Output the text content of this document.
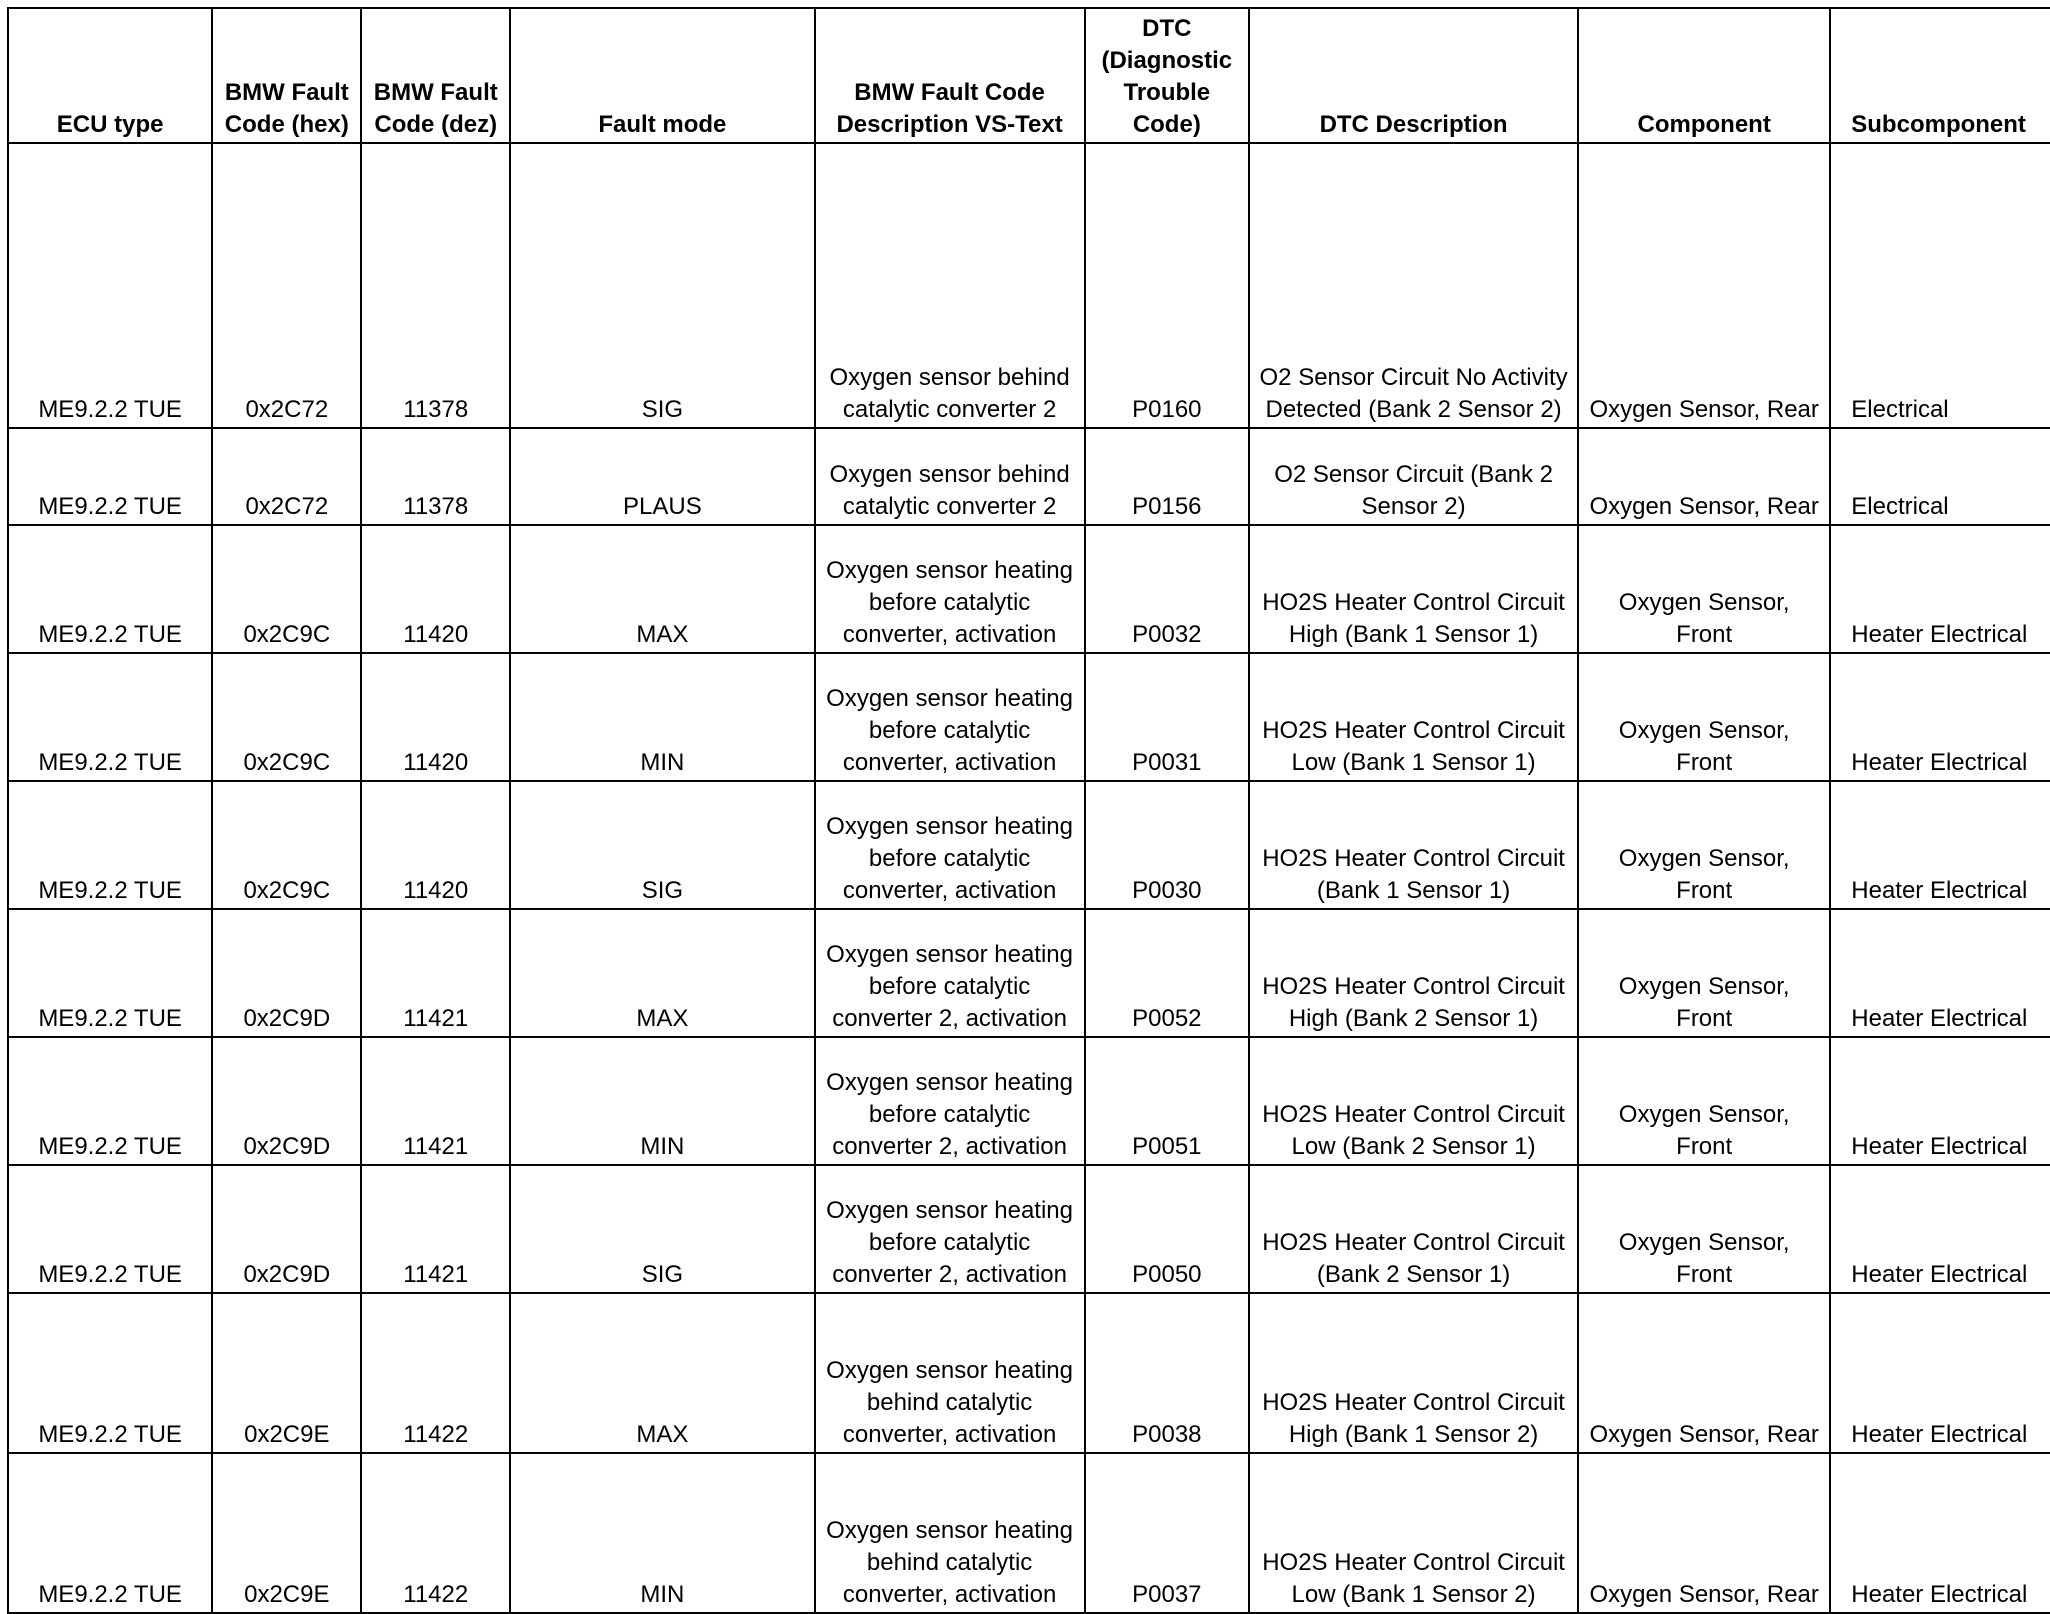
ECU type	BMW Fault
Code (hex)	BMW Fault
Code (dez)	Fault mode	BMW Fault Code
Description VS-Text	DTC
(Diagnostic
Trouble
Code)	DTC Description	Component	Subcomponent
ME9.2.2 TUE	0x2C72	11378	SIG	Oxygen sensor behind
catalytic converter 2	P0160	O2 Sensor Circuit No Activity
Detected (Bank 2 Sensor 2)	Oxygen Sensor, Rear	Electrical
ME9.2.2 TUE	0x2C72	11378	PLAUS	Oxygen sensor behind
catalytic converter 2	P0156	O2 Sensor Circuit (Bank 2
Sensor 2)	Oxygen Sensor, Rear	Electrical
ME9.2.2 TUE	0x2C9C	11420	MAX	Oxygen sensor heating
before catalytic
converter, activation	P0032	HO2S Heater Control Circuit
High (Bank 1 Sensor 1)	Oxygen Sensor,
Front	Heater Electrical
ME9.2.2 TUE	0x2C9C	11420	MIN	Oxygen sensor heating
before catalytic
converter, activation	P0031	HO2S Heater Control Circuit
Low (Bank 1 Sensor 1)	Oxygen Sensor,
Front	Heater Electrical
ME9.2.2 TUE	0x2C9C	11420	SIG	Oxygen sensor heating
before catalytic
converter, activation	P0030	HO2S Heater Control Circuit
(Bank 1 Sensor 1)	Oxygen Sensor,
Front	Heater Electrical
ME9.2.2 TUE	0x2C9D	11421	MAX	Oxygen sensor heating
before catalytic
converter 2, activation	P0052	HO2S Heater Control Circuit
High (Bank 2 Sensor 1)	Oxygen Sensor,
Front	Heater Electrical
ME9.2.2 TUE	0x2C9D	11421	MIN	Oxygen sensor heating
before catalytic
converter 2, activation	P0051	HO2S Heater Control Circuit
Low (Bank 2 Sensor 1)	Oxygen Sensor,
Front	Heater Electrical
ME9.2.2 TUE	0x2C9D	11421	SIG	Oxygen sensor heating
before catalytic
converter 2, activation	P0050	HO2S Heater Control Circuit
(Bank 2 Sensor 1)	Oxygen Sensor,
Front	Heater Electrical
ME9.2.2 TUE	0x2C9E	11422	MAX	Oxygen sensor heating
behind catalytic
converter, activation	P0038	HO2S Heater Control Circuit
High (Bank 1 Sensor 2)	Oxygen Sensor, Rear	Heater Electrical
ME9.2.2 TUE	0x2C9E	11422	MIN	Oxygen sensor heating
behind catalytic
converter, activation	P0037	HO2S Heater Control Circuit
Low (Bank 1 Sensor 2)	Oxygen Sensor, Rear	Heater Electrical
